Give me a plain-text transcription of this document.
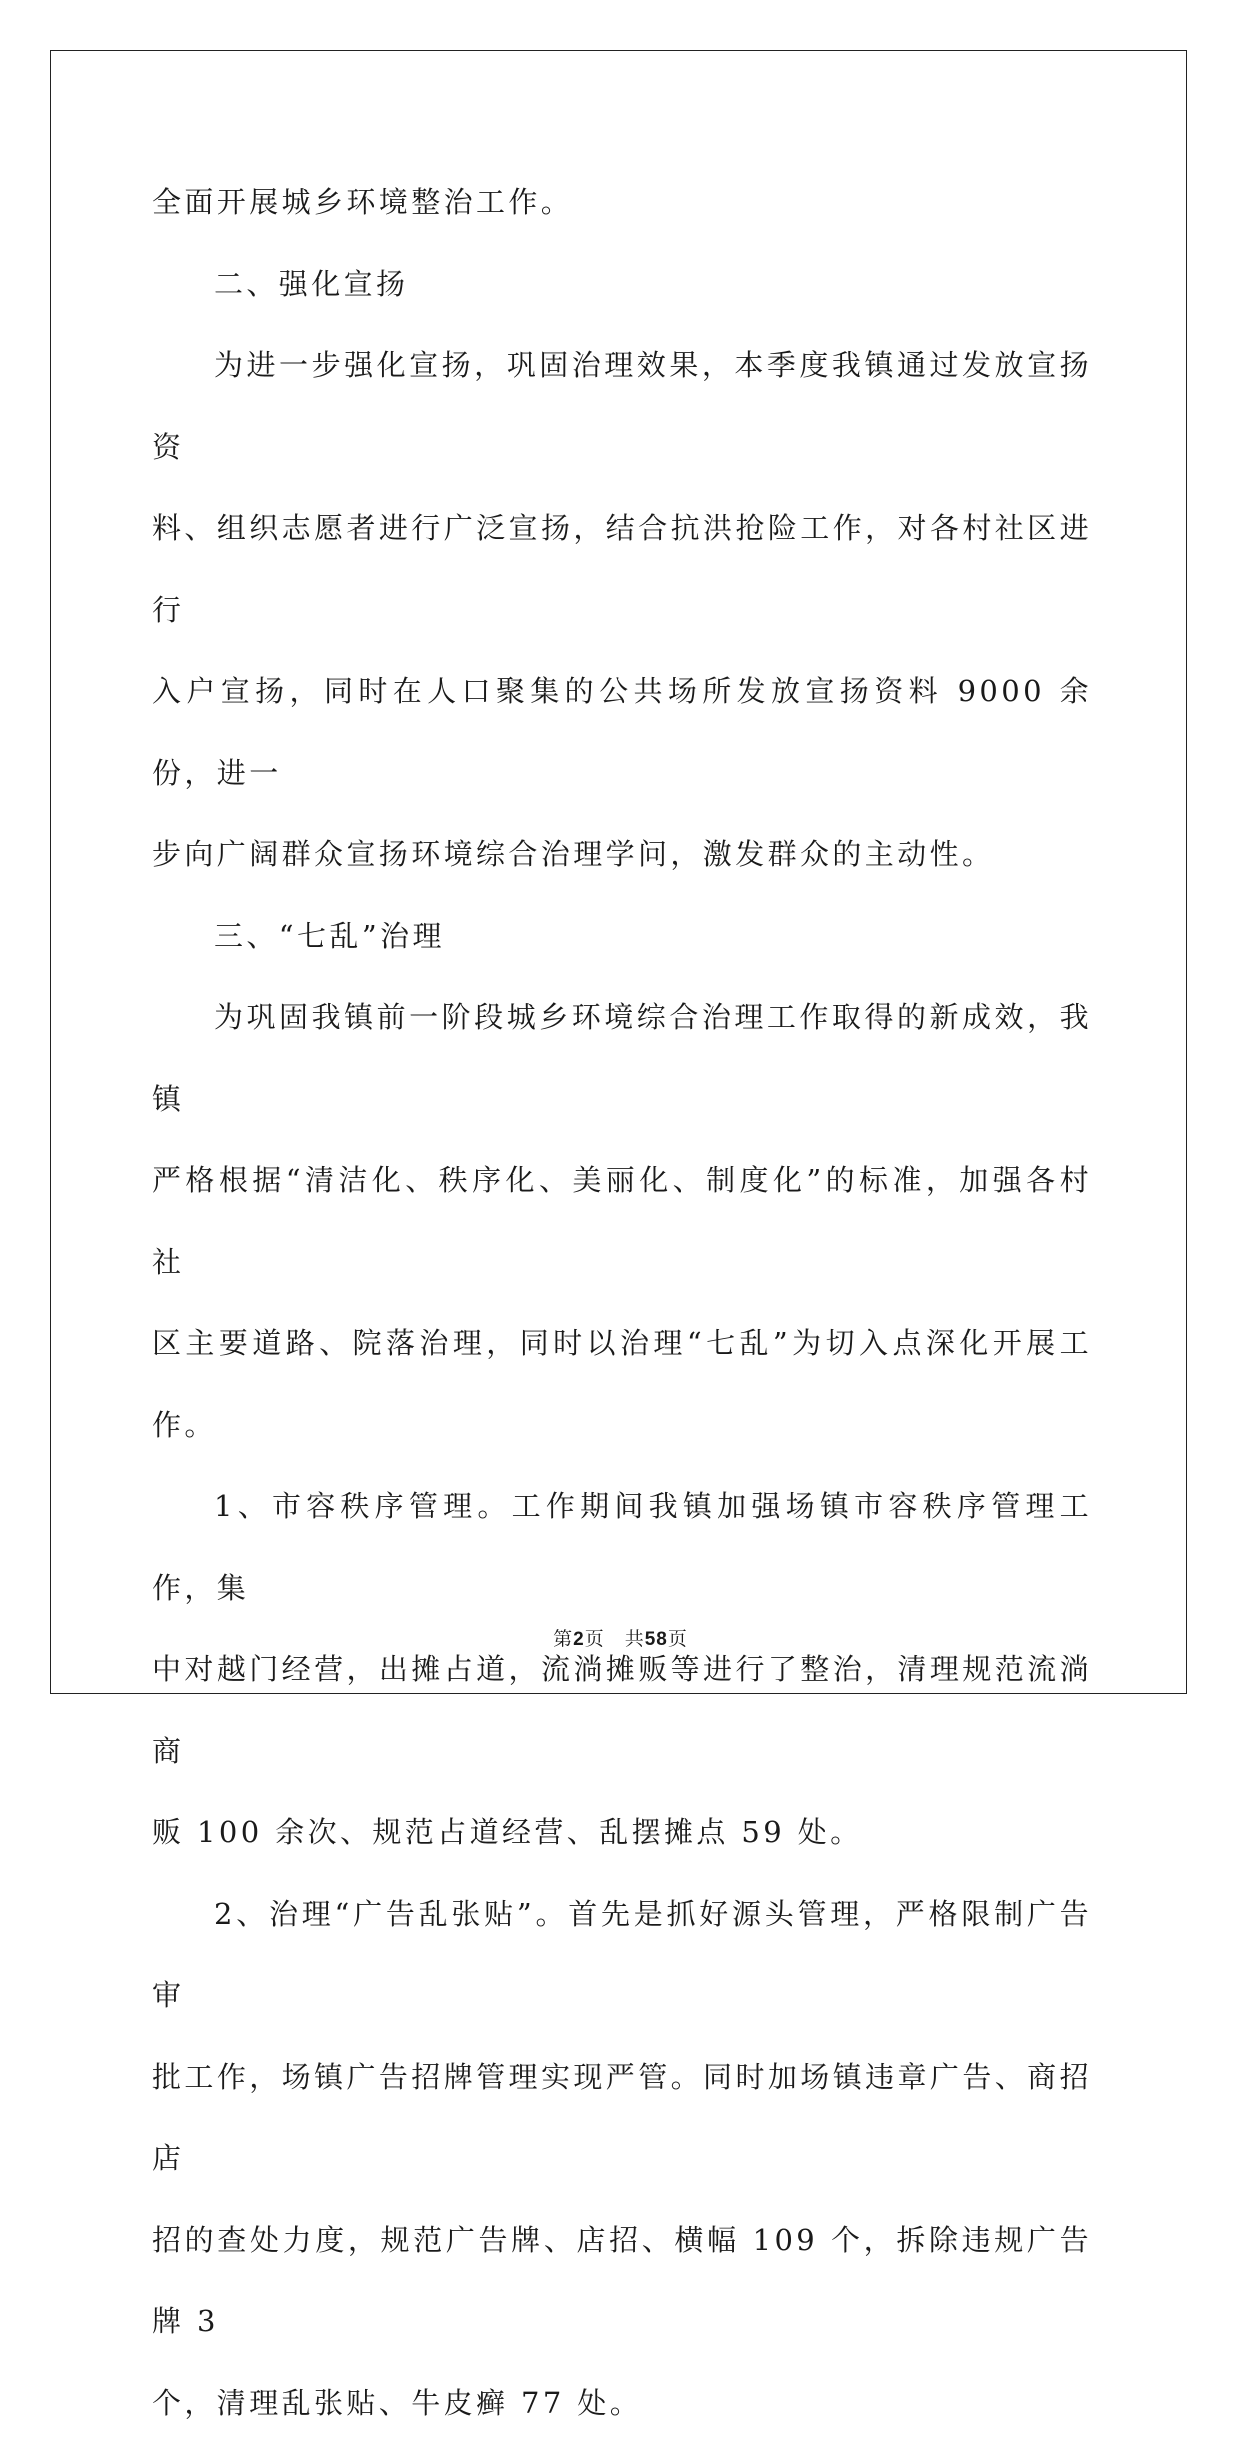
全面开展城乡环境整治工作。

二、强化宣扬

为进一步强化宣扬，巩固治理效果，本季度我镇通过发放宣扬资

料、组织志愿者进行广泛宣扬，结合抗洪抢险工作，对各村社区进行

入户宣扬，同时在人口聚集的公共场所发放宣扬资料 9000 余份，进一

步向广阔群众宣扬环境综合治理学问，激发群众的主动性。

三、“七乱”治理

为巩固我镇前一阶段城乡环境综合治理工作取得的新成效，我镇

严格根据“清洁化、秩序化、美丽化、制度化”的标准，加强各村社

区主要道路、院落治理，同时以治理“七乱”为切入点深化开展工作。

1、市容秩序管理。工作期间我镇加强场镇市容秩序管理工作，集

中对越门经营，出摊占道，流淌摊贩等进行了整治，清理规范流淌商

贩 100 余次、规范占道经营、乱摆摊点 59 处。

2、治理“广告乱张贴”。首先是抓好源头管理，严格限制广告审

批工作，场镇广告招牌管理实现严管。同时加场镇违章广告、商招店

招的查处力度，规范广告牌、店招、横幅 109 个，拆除违规广告牌 3

个，清理乱张贴、牛皮癣 77 处。

第2页　共58页
